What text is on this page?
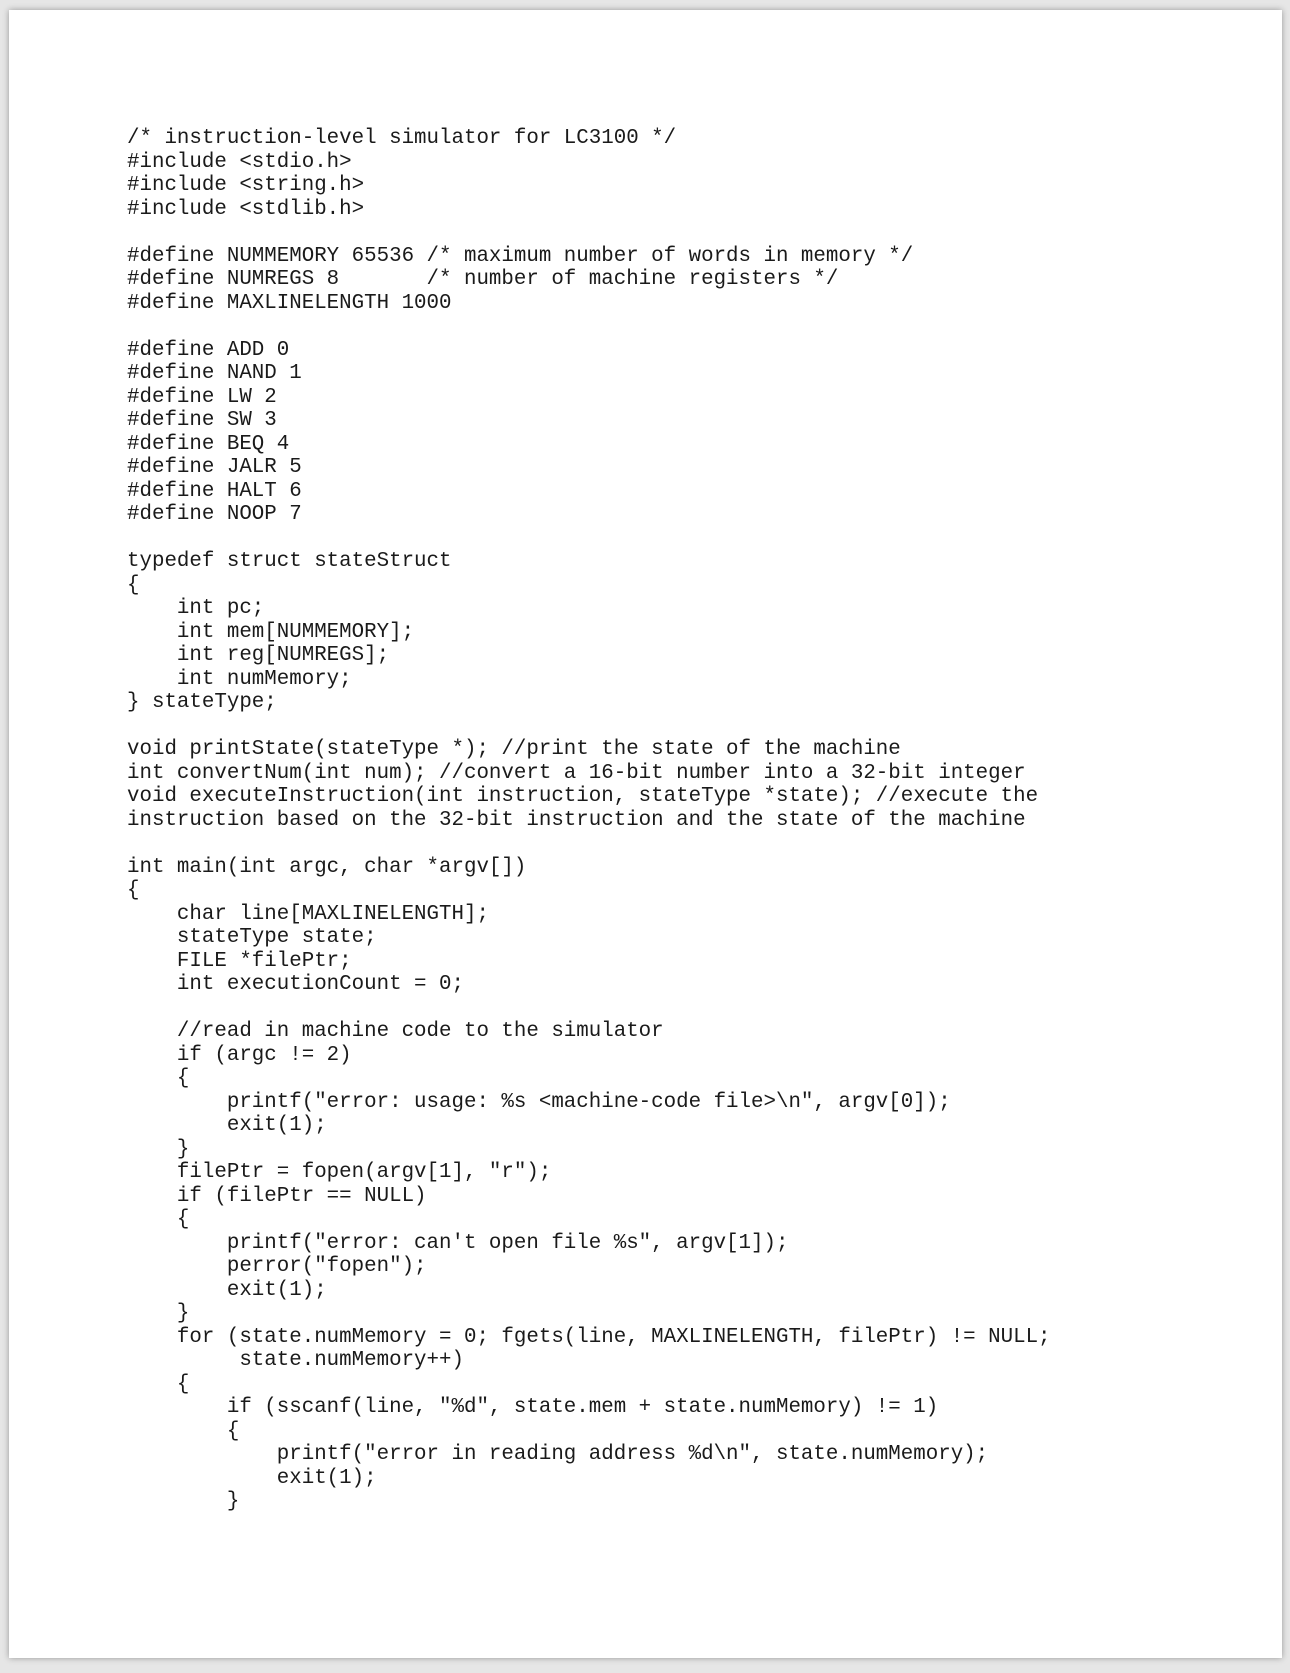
/* instruction-level simulator for LC3100 */
#include <stdio.h>
#include <string.h>
#include <stdlib.h>
#define NUMMEMORY 65536 /* maximum number of words in memory */
#define NUMREGS 8       /* number of machine registers */
#define MAXLINELENGTH 1000
#define ADD 0
#define NAND 1
#define LW 2
#define SW 3
#define BEQ 4
#define JALR 5
#define HALT 6
#define NOOP 7
typedef struct stateStruct
{
int pc;
int mem[NUMMEMORY];
int reg[NUMREGS];
int numMemory;
} stateType;
void printState(stateType *); //print the state of the machine
int convertNum(int num); //convert a 16-bit number into a 32-bit integer
void executeInstruction(int instruction, stateType *state); //execute the
instruction based on the 32-bit instruction and the state of the machine
int main(int argc, char *argv[])
{
char line[MAXLINELENGTH];
stateType state;
FILE *filePtr;
int executionCount = 0;
//read in machine code to the simulator
if (argc != 2)
{
printf("error: usage: %s <machine-code file>\n", argv[0]);
exit(1);
}
filePtr = fopen(argv[1], "r");
if (filePtr == NULL)
{
printf("error: can't open file %s", argv[1]);
perror("fopen");
exit(1);
}
for (state.numMemory = 0; fgets(line, MAXLINELENGTH, filePtr) != NULL;
state.numMemory++)
{
if (sscanf(line, "%d", state.mem + state.numMemory) != 1)
{
printf("error in reading address %d\n", state.numMemory);
exit(1);
}
